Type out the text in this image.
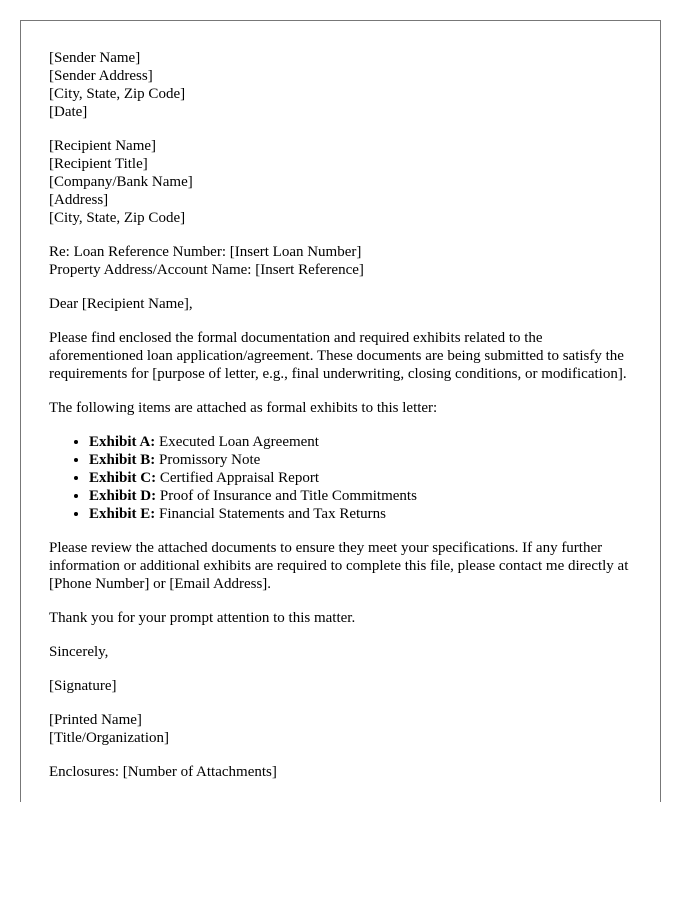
[Sender Name]
[Sender Address]
[City, State, Zip Code]
[Date]
[Recipient Name]
[Recipient Title]
[Company/Bank Name]
[Address]
[City, State, Zip Code]
Re: Loan Reference Number: [Insert Loan Number]
Property Address/Account Name: [Insert Reference]

Dear [Recipient Name],

Please find enclosed the formal documentation and required exhibits related to the aforementioned loan application/agreement. These documents are being submitted to satisfy the requirements for [purpose of letter, e.g., final underwriting, closing conditions, or modification].

The following items are attached as formal exhibits to this letter:

• Exhibit A: Executed Loan Agreement
• Exhibit B: Promissory Note
• Exhibit C: Certified Appraisal Report
• Exhibit D: Proof of Insurance and Title Commitments
• Exhibit E: Financial Statements and Tax Returns

Please review the attached documents to ensure they meet your specifications. If any further information or additional exhibits are required to complete this file, please contact me directly at [Phone Number] or [Email Address].

Thank you for your prompt attention to this matter.

Sincerely,

[Signature]

[Printed Name]
[Title/Organization]

Enclosures: [Number of Attachments]
